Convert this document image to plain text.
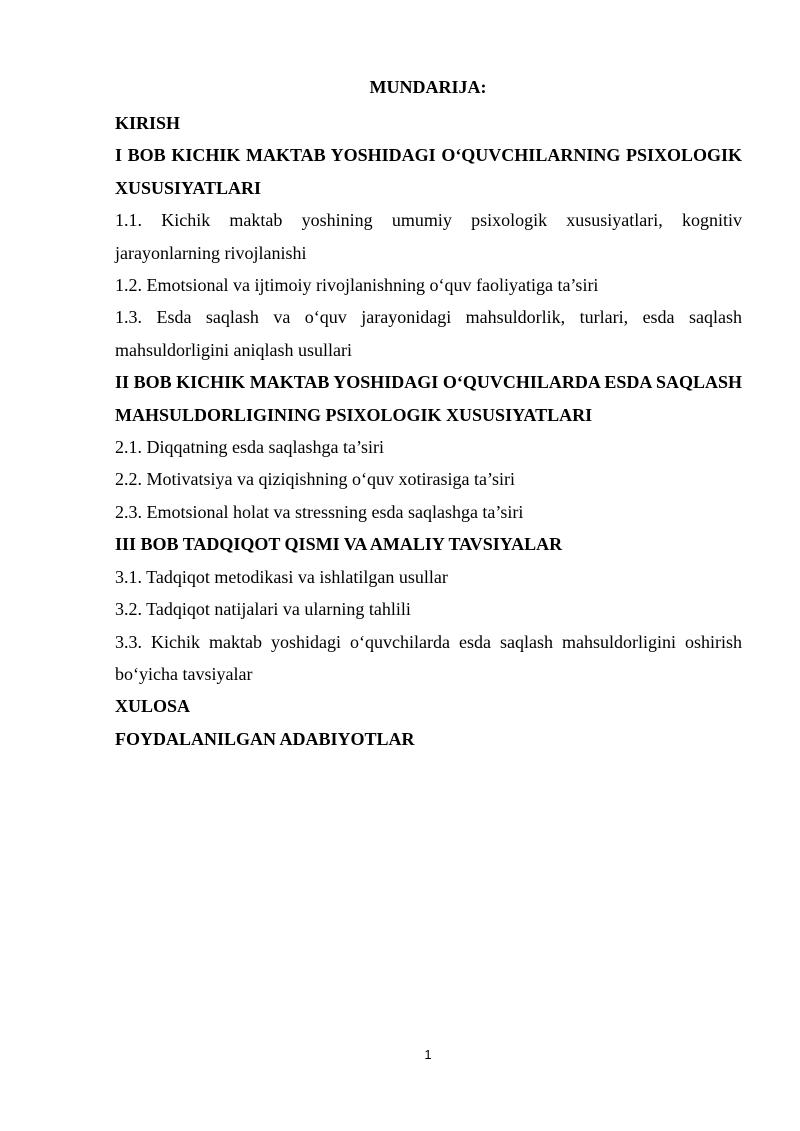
MUNDARIJA:
KIRISH
I BOB KICHIK MAKTAB YOSHIDAGI O‘QUVCHILARNING PSIXOLOGIK XUSUSIYATLARI
1.1. Kichik maktab yoshining umumiy psixologik xususiyatlari, kognitiv jarayonlarning rivojlanishi
1.2. Emotsional va ijtimoiy rivojlanishning o‘quv faoliyatiga ta’siri
1.3. Esda saqlash va o‘quv jarayonidagi mahsuldorlik, turlari, esda saqlash mahsuldorligini aniqlash usullari
II BOB KICHIK MAKTAB YOSHIDAGI O‘QUVCHILARDA ESDA SAQLASH MAHSULDORLIGINING PSIXOLOGIK XUSUSIYATLARI
2.1. Diqqatning esda saqlashga ta’siri
2.2. Motivatsiya va qiziqishning o‘quv xotirasiga ta’siri
2.3. Emotsional holat va stressning esda saqlashga ta’siri
III BOB TADQIQOT QISMI VA AMALIY TAVSIYALAR
3.1. Tadqiqot metodikasi va ishlatilgan usullar
3.2. Tadqiqot natijalari va ularning tahlili
3.3. Kichik maktab yoshidagi o‘quvchilarda esda saqlash mahsuldorligini oshirish bo‘yicha tavsiyalar
XULOSA
FOYDALANILGAN ADABIYOTLAR
1
